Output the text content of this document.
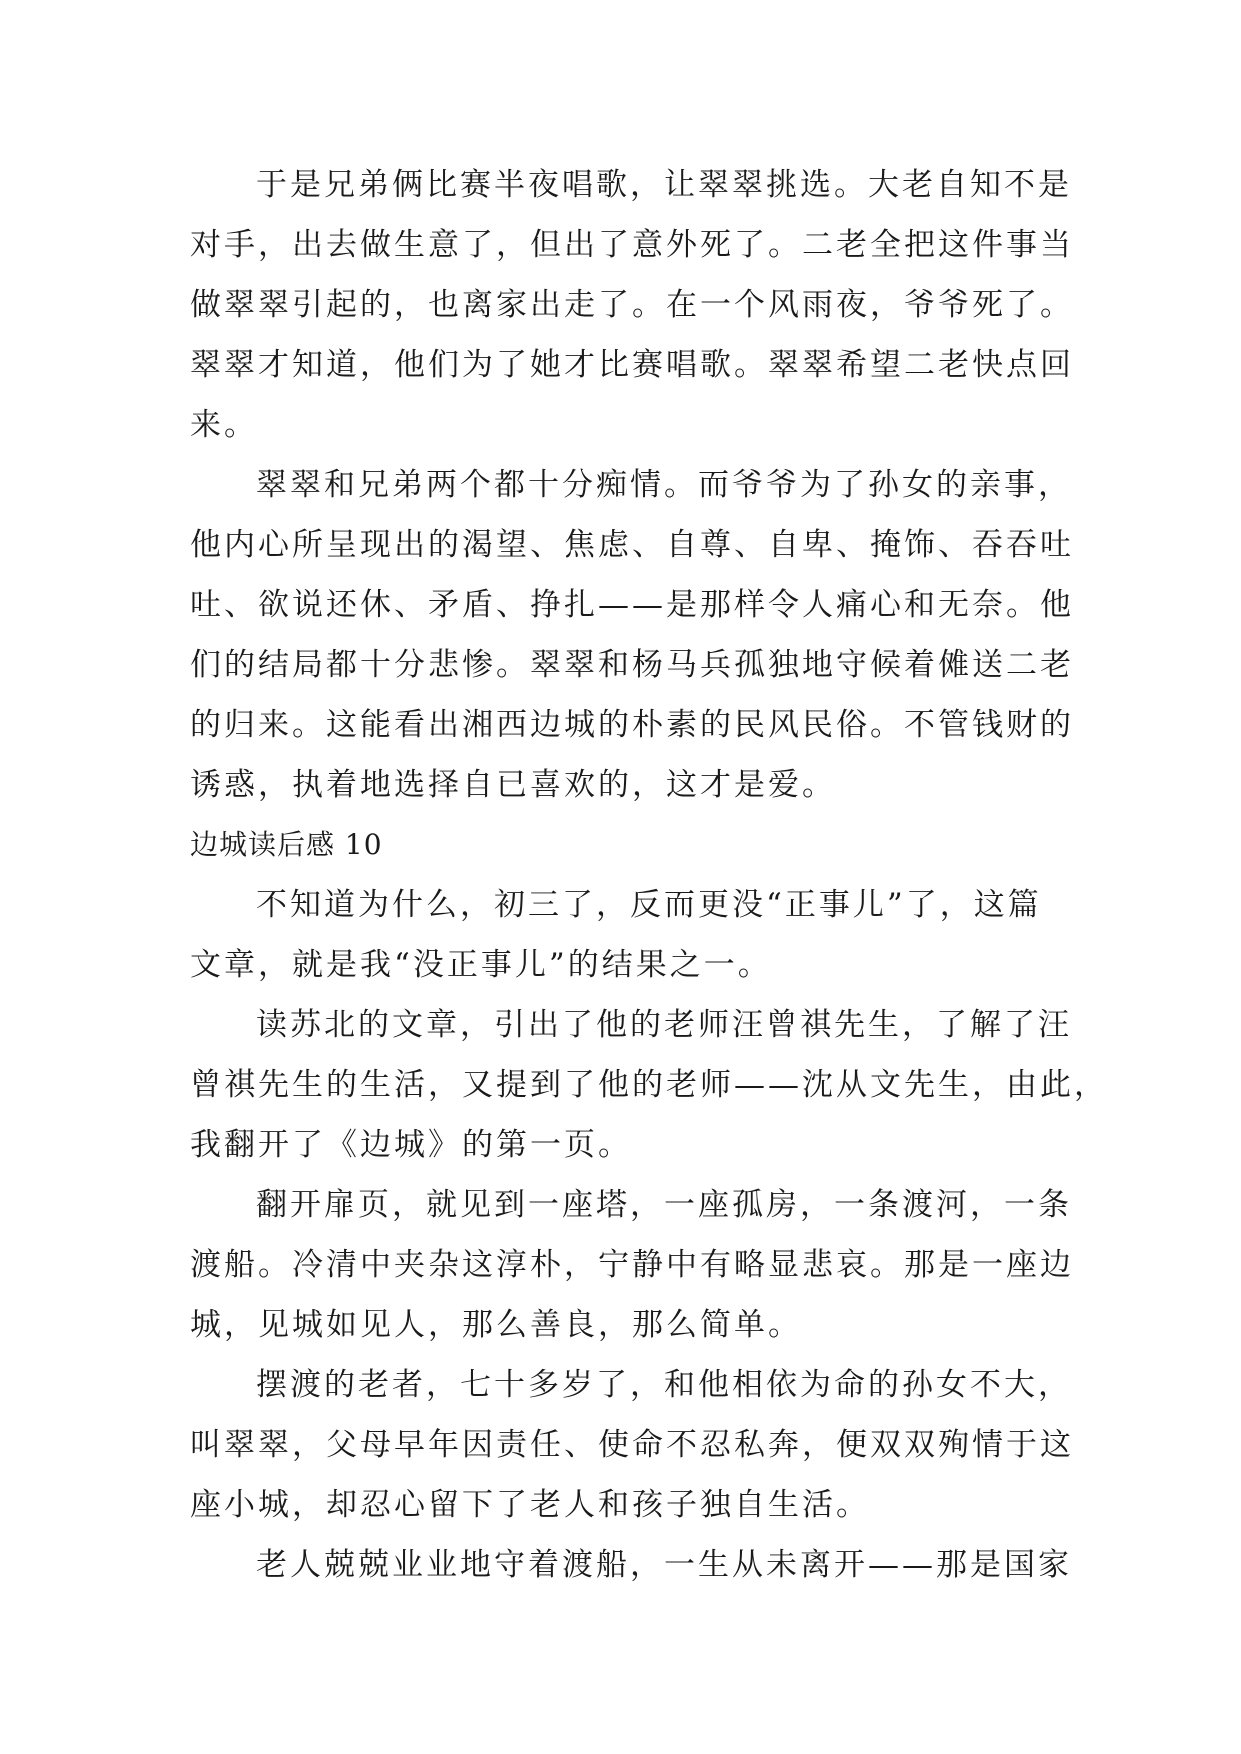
于是兄弟俩比赛半夜唱歌，让翠翠挑选。大老自知不是
对手，出去做生意了，但出了意外死了。二老全把这件事当
做翠翠引起的，也离家出走了。在一个风雨夜，爷爷死了。
翠翠才知道，他们为了她才比赛唱歌。翠翠希望二老快点回
来。
翠翠和兄弟两个都十分痴情。而爷爷为了孙女的亲事，
他内心所呈现出的渴望、焦虑、自尊、自卑、掩饰、吞吞吐
吐、欲说还休、矛盾、挣扎——是那样令人痛心和无奈。他
们的结局都十分悲惨。翠翠和杨马兵孤独地守候着傩送二老
的归来。这能看出湘西边城的朴素的民风民俗。不管钱财的
诱惑，执着地选择自已喜欢的，这才是爱。
边城读后感 10
不知道为什么，初三了，反而更没“正事儿”了，这篇
文章，就是我“没正事儿”的结果之一。
读苏北的文章，引出了他的老师汪曾祺先生，了解了汪
曾祺先生的生活，又提到了他的老师——沈从文先生，由此，
我翻开了《边城》的第一页。
翻开扉页，就见到一座塔，一座孤房，一条渡河，一条
渡船。冷清中夹杂这淳朴，宁静中有略显悲哀。那是一座边
城，见城如见人，那么善良，那么简单。
摆渡的老者，七十多岁了，和他相依为命的孙女不大，
叫翠翠，父母早年因责任、使命不忍私奔，便双双殉情于这
座小城，却忍心留下了老人和孩子独自生活。
老人兢兢业业地守着渡船，一生从未离开——那是国家
